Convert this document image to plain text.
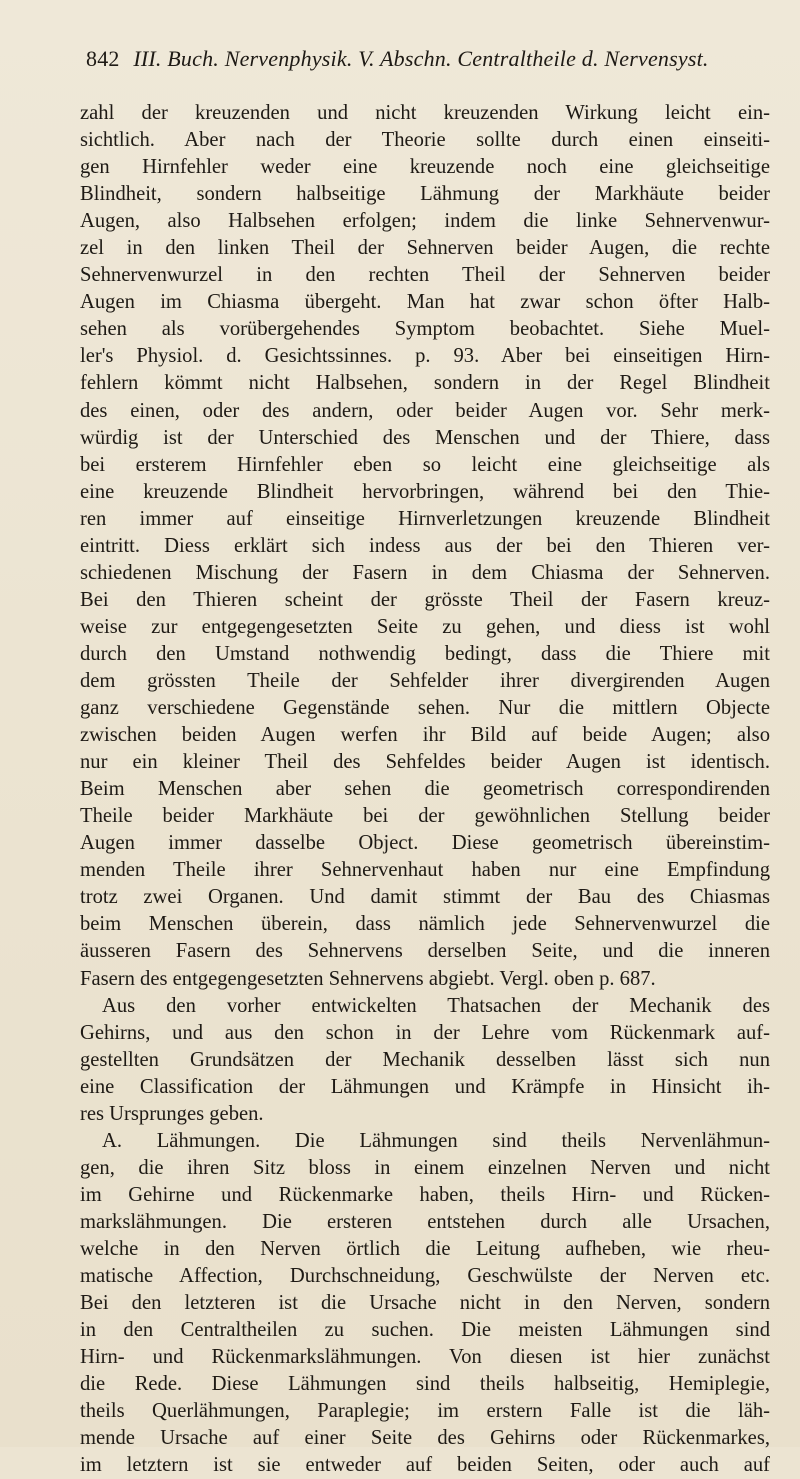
842 III. Buch. Nervenphysik. V. Abschn. Centraltheile d. Nervensyst.
zahl der kreuzenden und nicht kreuzenden Wirkung leicht ein-
sichtlich. Aber nach der Theorie sollte durch einen einseiti-
gen Hirnfehler weder eine kreuzende noch eine gleichseitige
Blindheit, sondern halbseitige Lähmung der Markhäute beider
Augen, also Halbsehen erfolgen; indem die linke Sehnervenwur-
zel in den linken Theil der Sehnerven beider Augen, die rechte
Sehnervenwurzel in den rechten Theil der Sehnerven beider
Augen im Chiasma übergeht. Man hat zwar schon öfter Halb-
sehen als vorübergehendes Symptom beobachtet. Siehe Muel-
ler's Physiol. d. Gesichtssinnes. p. 93. Aber bei einseitigen Hirn-
fehlern kömmt nicht Halbsehen, sondern in der Regel Blindheit
des einen, oder des andern, oder beider Augen vor. Sehr merk-
würdig ist der Unterschied des Menschen und der Thiere, dass
bei ersterem Hirnfehler eben so leicht eine gleichseitige als
eine kreuzende Blindheit hervorbringen, während bei den Thie-
ren immer auf einseitige Hirnverletzungen kreuzende Blindheit
eintritt. Diess erklärt sich indess aus der bei den Thieren ver-
schiedenen Mischung der Fasern in dem Chiasma der Sehnerven.
Bei den Thieren scheint der grösste Theil der Fasern kreuz-
weise zur entgegengesetzten Seite zu gehen, und diess ist wohl
durch den Umstand nothwendig bedingt, dass die Thiere mit
dem grössten Theile der Sehfelder ihrer divergirenden Augen
ganz verschiedene Gegenstände sehen. Nur die mittlern Objecte
zwischen beiden Augen werfen ihr Bild auf beide Augen; also
nur ein kleiner Theil des Sehfeldes beider Augen ist identisch.
Beim Menschen aber sehen die geometrisch correspondirenden
Theile beider Markhäute bei der gewöhnlichen Stellung beider
Augen immer dasselbe Object. Diese geometrisch übereinstim-
menden Theile ihrer Sehnervenhaut haben nur eine Empfindung
trotz zwei Organen. Und damit stimmt der Bau des Chiasmas
beim Menschen überein, dass nämlich jede Sehnervenwurzel die
äusseren Fasern des Sehnervens derselben Seite, und die inneren
Fasern des entgegengesetzten Sehnervens abgiebt. Vergl. oben p. 687.
Aus den vorher entwickelten Thatsachen der Mechanik des
Gehirns, und aus den schon in der Lehre vom Rückenmark auf-
gestellten Grundsätzen der Mechanik desselben lässt sich nun
eine Classification der Lähmungen und Krämpfe in Hinsicht ih-
res Ursprunges geben.
A. Lähmungen. Die Lähmungen sind theils Nervenlähmun-
gen, die ihren Sitz bloss in einem einzelnen Nerven und nicht
im Gehirne und Rückenmarke haben, theils Hirn- und Rücken-
markslähmungen. Die ersteren entstehen durch alle Ursachen,
welche in den Nerven örtlich die Leitung aufheben, wie rheu-
matische Affection, Durchschneidung, Geschwülste der Nerven etc.
Bei den letzteren ist die Ursache nicht in den Nerven, sondern
in den Centraltheilen zu suchen. Die meisten Lähmungen sind
Hirn- und Rückenmarkslähmungen. Von diesen ist hier zunächst
die Rede. Diese Lähmungen sind theils halbseitig, Hemiplegie,
theils Querlähmungen, Paraplegie; im erstern Falle ist die läh-
mende Ursache auf einer Seite des Gehirns oder Rückenmarkes,
im letztern ist sie entweder auf beiden Seiten, oder auch auf
